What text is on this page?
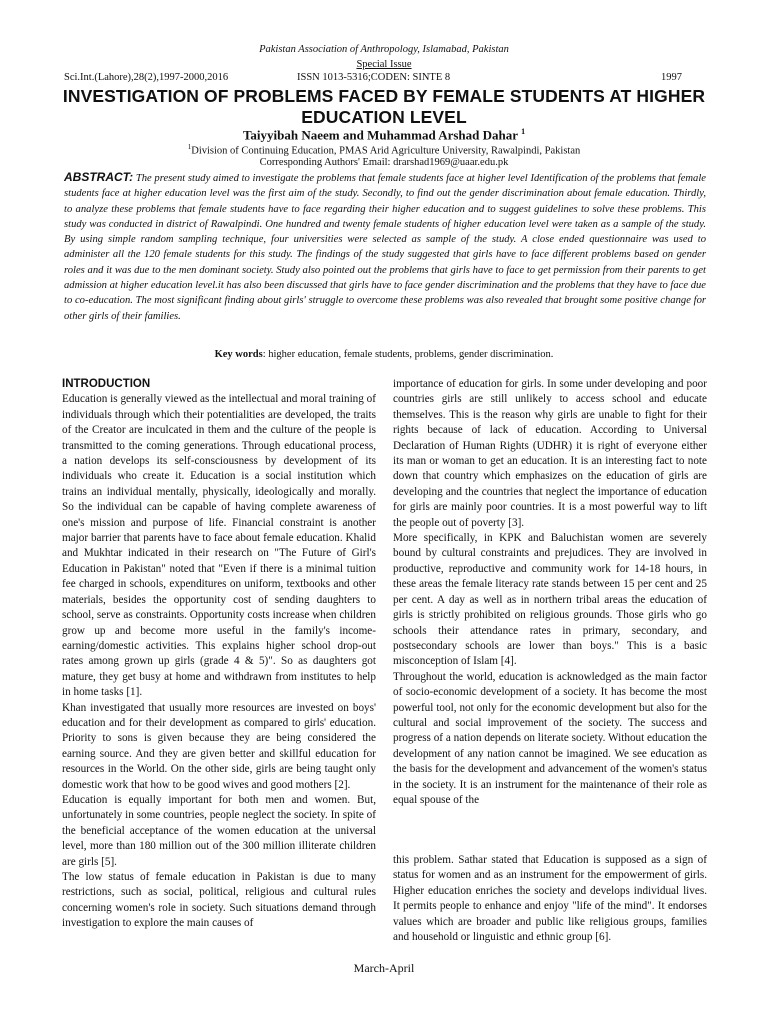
Pakistan Association of Anthropology, Islamabad, Pakistan
Special Issue
Sci.Int.(Lahore),28(2),1997-2000,2016	ISSN 1013-5316;CODEN: SINTE 8	1997
INVESTIGATION OF PROBLEMS FACED BY FEMALE STUDENTS AT HIGHER EDUCATION LEVEL
Taiyyibah Naeem and Muhammad Arshad Dahar $^1$
$^1$Division of Continuing Education, PMAS Arid Agriculture University, Rawalpindi, Pakistan
Corresponding Authors' Email: drarshad1969@uaar.edu.pk
ABSTRACT: The present study aimed to investigate the problems that female students face at higher level Identification of the problems that female students face at higher education level was the first aim of the study. Secondly, to find out the gender discrimination about female education. Thirdly, to analyze these problems that female students have to face regarding their higher education and to suggest guidelines to solve these problems. This study was conducted in district of Rawalpindi. One hundred and twenty female students of higher education level were taken as a sample of the study. By using simple random sampling technique, four universities were selected as sample of the study. A close ended questionnaire was used to administer all the 120 female students for this study. The findings of the study suggested that girls have to face different problems based on gender roles and it was due to the men dominant society. Study also pointed out the problems that girls have to face to get permission from their parents to get admission at higher education level.it has also been discussed that girls have to face gender discrimination and the problems that they have to face due to co-education. The most significant finding about girls' struggle to overcome these problems was also revealed that brought some positive change for other girls of their families.
Key words: higher education, female students, problems, gender discrimination.
INTRODUCTION

Education is generally viewed as the intellectual and moral training of individuals through which their potentialities are developed, the traits of the Creator are inculcated in them and the culture of the people is transmitted to the coming generations. Through educational process, a nation develops its self-consciousness by development of its individuals who create it. Education is a social institution which trains an individual mentally, physically, ideologically and morally. So the individual can be capable of having complete awareness of one's mission and purpose of life. Financial constraint is another major barrier that parents have to face about female education. Khalid and Mukhtar indicated in their research on "The Future of Girl's Education in Pakistan" noted that "Even if there is a minimal tuition fee charged in schools, expenditures on uniform, textbooks and other materials, besides the opportunity cost of sending daughters to school, serve as constraints. Opportunity costs increase when children grow up and become more useful in the family's income-earning/domestic activities. This explains higher school drop-out rates among grown up girls (grade 4 & 5)". So as daughters got mature, they get busy at home and withdrawn from institutes to help in home tasks [1].

Khan investigated that usually more resources are invested on boys' education and for their development as compared to girls' education. Priority to sons is given because they are being considered the earning source. And they are given better and skillful education for resources in the World. On the other side, girls are being taught only domestic work that how to be good wives and good mothers [2].

Education is equally important for both men and women. But, unfortunately in some countries, people neglect the society. In spite of the beneficial acceptance of the women education at the universal level, more than 180 million out of the 300 million illiterate children are girls [5].

The low status of female education in Pakistan is due to many restrictions, such as social, political, religious and cultural rules concerning women's role in society. Such situations demand through investigation to explore the main causes of

importance of education for girls. In some under developing and poor countries girls are still unlikely to access school and educate themselves. This is the reason why girls are unable to fight for their rights because of lack of education. According to Universal Declaration of Human Rights (UDHR) it is right of everyone either its man or woman to get an education. It is an interesting fact to note down that country which emphasizes on the education of girls are developing and the countries that neglect the importance of education for girls are mainly poor countries. It is a most powerful way to lift the people out of poverty [3].

More specifically, in KPK and Baluchistan women are severely bound by cultural constraints and prejudices. They are involved in productive, reproductive and community work for 14-18 hours, in these areas the female literacy rate stands between 15 per cent and 25 per cent. A day as well as in northern tribal areas the education of girls is strictly prohibited on religious grounds. Those girls who go schools their attendance rates in primary, secondary, and postsecondary schools are lower than boys." This is a basic misconception of Islam [4].

Throughout the world, education is acknowledged as the main factor of socio-economic development of a society. It has become the most powerful tool, not only for the economic development but also for the cultural and social improvement of the society. The success and progress of a nation depends on literate society. Without education the development of any nation cannot be imagined. We see education as the basis for the development and advancement of the women's status in the society. It is an instrument for the maintenance of their role as equal spouse of the

this problem. Sathar stated that Education is supposed as a sign of status for women and as an instrument for the empowerment of girls. Higher education enriches the society and develops individual lives. It permits people to enhance and enjoy "life of the mind". It endorses values which are broader and public like religious groups, families and household or linguistic and ethnic group [6].

March-April
